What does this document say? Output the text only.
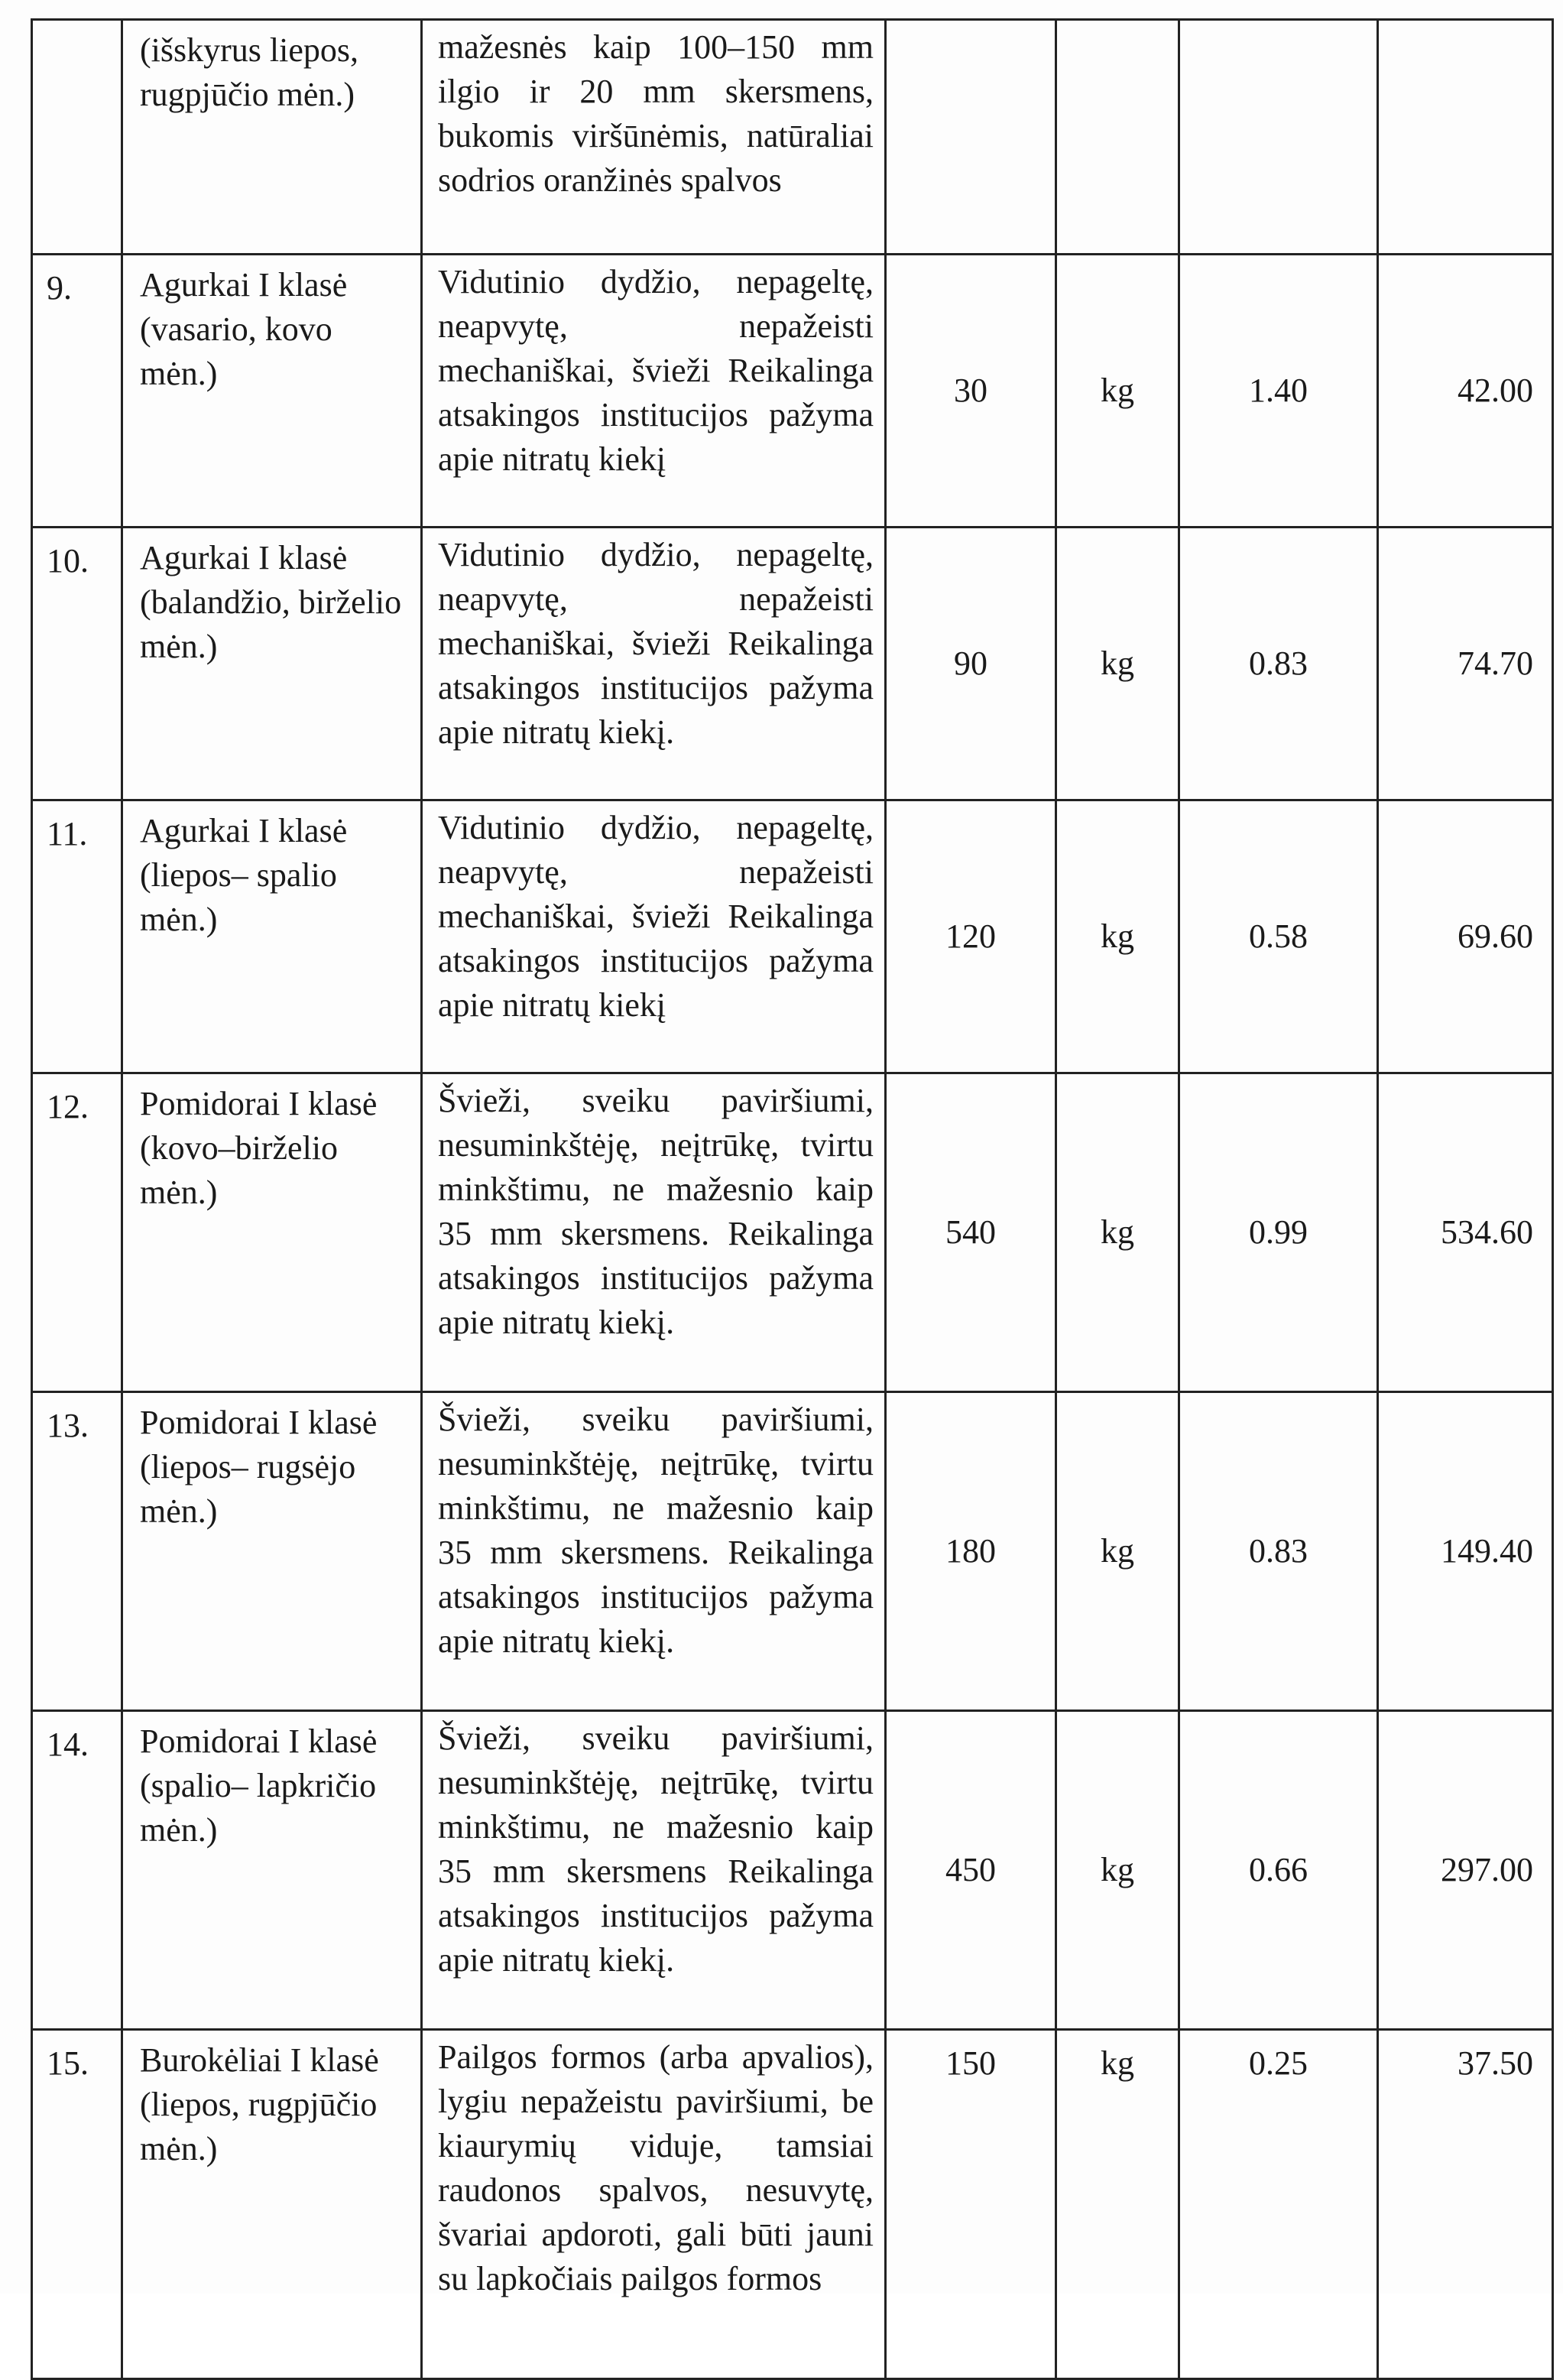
	(išskyrus liepos, rugpjūčio mėn.)	mažesnės kaip 100–150 mm ilgio ir 20 mm skersmens, bukomis viršūnėmis, natūraliai sodrios oranžinės spalvos				
9.	Agurkai I klasė (vasario, kovo mėn.)	Vidutinio dydžio, nepageltę, neapvytę, nepažeisti mechaniškai, švieži Reikalinga atsakingos institucijos pažyma apie nitratų kiekį	30	kg	1.40	42.00
10.	Agurkai I klasė (balandžio, birželio mėn.)	Vidutinio dydžio, nepageltę, neapvytę, nepažeisti mechaniškai, švieži Reikalinga atsakingos institucijos pažyma apie nitratų kiekį.	90	kg	0.83	74.70
11.	Agurkai I klasė (liepos– spalio mėn.)	Vidutinio dydžio, nepageltę, neapvytę, nepažeisti mechaniškai, švieži Reikalinga atsakingos institucijos pažyma apie nitratų kiekį	120	kg	0.58	69.60
12.	Pomidorai I klasė (kovo–birželio mėn.)	Švieži, sveiku paviršiumi, nesuminkštėję, neįtrūkę, tvirtu minkštimu, ne mažesnio kaip 35 mm skersmens. Reikalinga atsakingos institucijos pažyma apie nitratų kiekį.	540	kg	0.99	534.60
13.	Pomidorai I klasė (liepos– rugsėjo mėn.)	Švieži, sveiku paviršiumi, nesuminkštėję, neįtrūkę, tvirtu minkštimu, ne mažesnio kaip 35 mm skersmens. Reikalinga atsakingos institucijos pažyma apie nitratų kiekį.	180	kg	0.83	149.40
14.	Pomidorai I klasė (spalio– lapkričio mėn.)	Švieži, sveiku paviršiumi, nesuminkštėję, neįtrūkę, tvirtu minkštimu, ne mažesnio kaip 35 mm skersmens Reikalinga atsakingos institucijos pažyma apie nitratų kiekį.	450	kg	0.66	297.00
15.	Burokėliai I klasė (liepos, rugpjūčio mėn.)	Pailgos formos (arba apvalios), lygiu nepažeistu paviršiumi, be kiaurymių viduje, tamsiai raudonos spalvos, nesuvytę, švariai apdoroti, gali būti jauni su lapkočiais pailgos formos	150	kg	0.25	37.50
